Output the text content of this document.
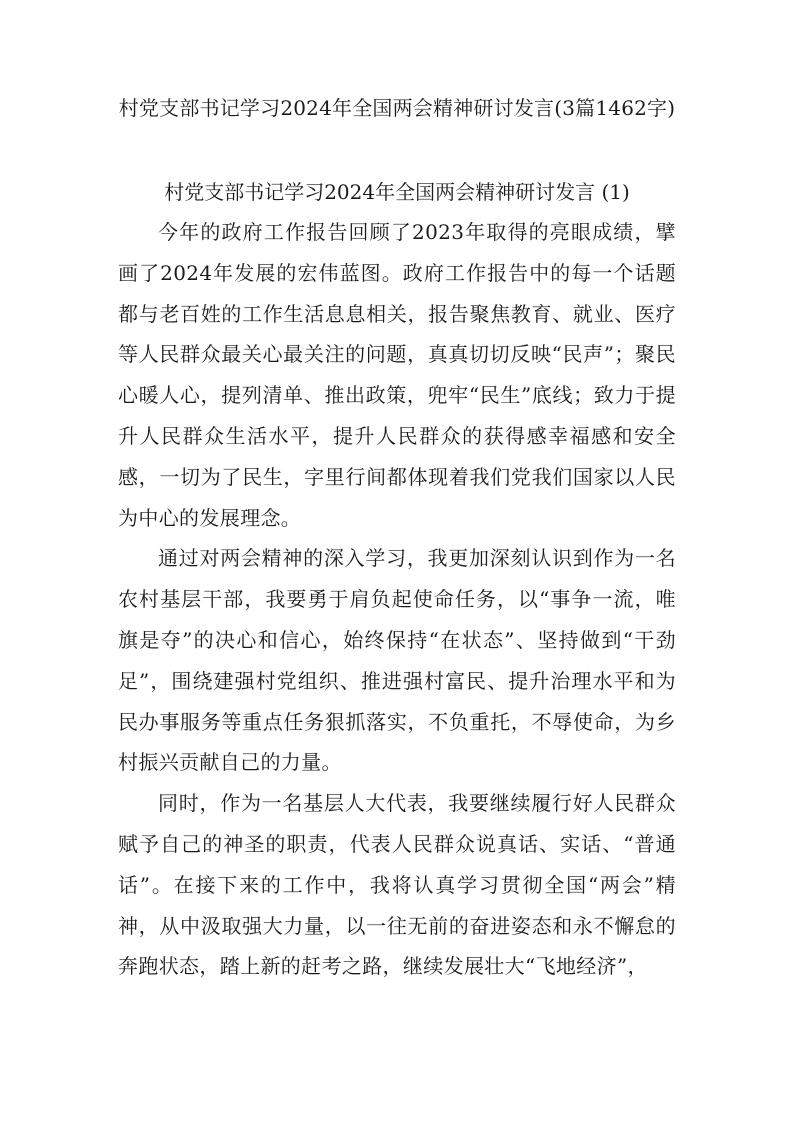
村党支部书记学习2024年全国两会精神研讨发言(3篇1462字)
村党支部书记学习2024年全国两会精神研讨发言 (1)

今年的政府工作报告回顾了2023年取得的亮眼成绩，擘画了2024年发展的宏伟蓝图。政府工作报告中的每一个话题都与老百姓的工作生活息息相关，报告聚焦教育、就业、医疗等人民群众最关心最关注的问题，真真切切反映“民声”；聚民心暖人心，提列清单、推出政策，兜牢“民生”底线；致力于提升人民群众生活水平，提升人民群众的获得感幸福感和安全感，一切为了民生，字里行间都体现着我们党我们国家以人民为中心的发展理念。

通过对两会精神的深入学习，我更加深刻认识到作为一名农村基层干部，我要勇于肩负起使命任务，以“事争一流，唯旗是夺”的决心和信心，始终保持“在状态”、坚持做到“干劲足”，围绕建强村党组织、推进强村富民、提升治理水平和为民办事服务等重点任务狠抓落实，不负重托，不辱使命，为乡村振兴贡献自己的力量。

同时，作为一名基层人大代表，我要继续履行好人民群众赋予自己的神圣的职责，代表人民群众说真话、实话、“普通话”。在接下来的工作中，我将认真学习贯彻全国“两会”精神，从中汲取强大力量，以一往无前的奋进姿态和永不懈怠的奔跑状态，踏上新的赶考之路，继续发展壮大“飞地经济”，
